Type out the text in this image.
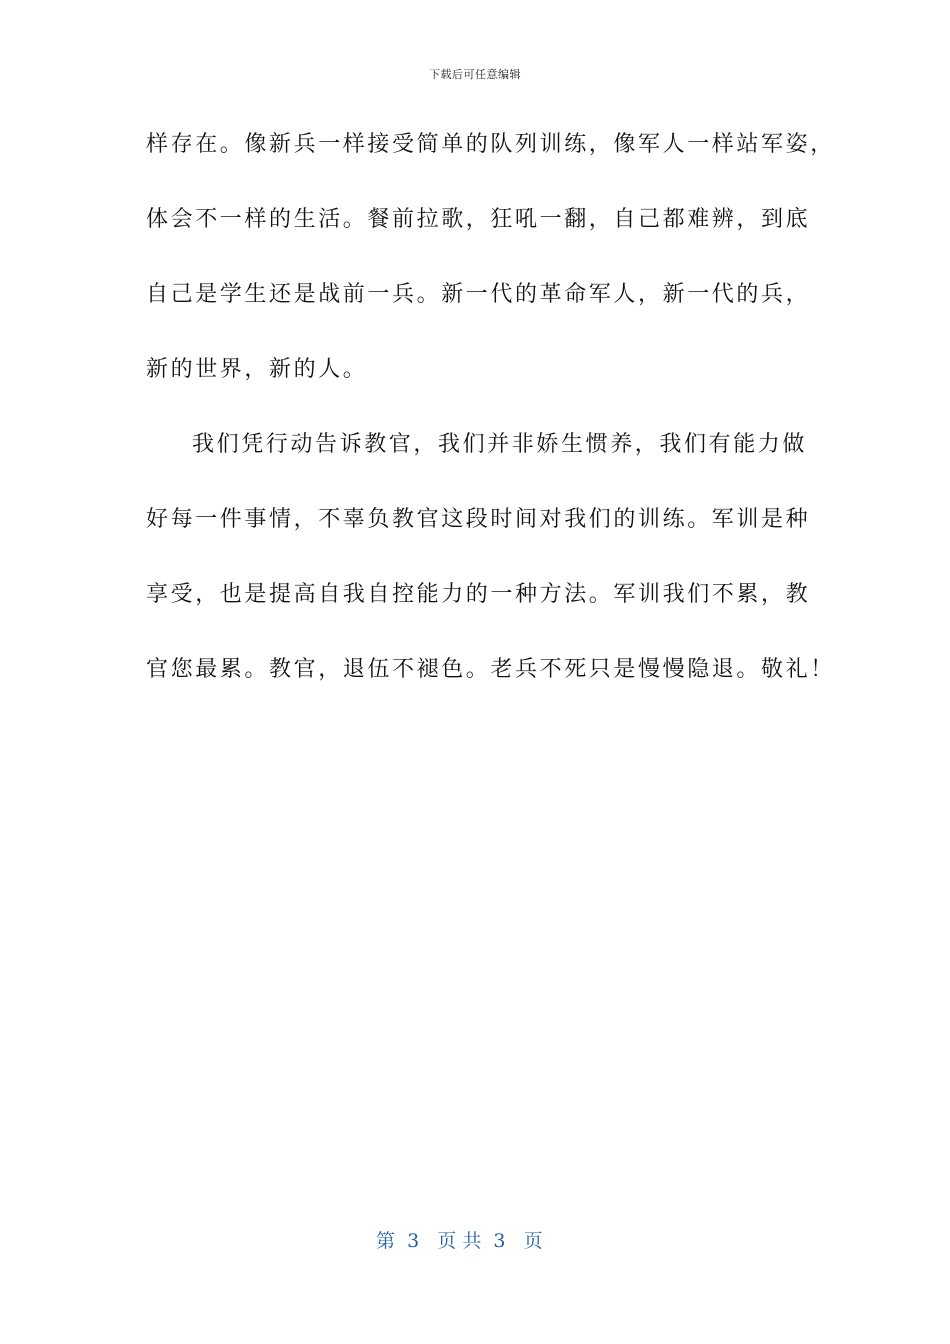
下载后可任意编辑
样存在。像新兵一样接受简单的队列训练，像军人一样站军姿，
体会不一样的生活。餐前拉歌，狂吼一翻，自己都难辨，到底
自己是学生还是战前一兵。新一代的革命军人，新一代的兵，
新的世界，新的人。
我们凭行动告诉教官，我们并非娇生惯养，我们有能力做
好每一件事情，不辜负教官这段时间对我们的训练。军训是种
享受，也是提高自我自控能力的一种方法。军训我们不累，教
官您最累。教官，退伍不褪色。老兵不死只是慢慢隐退。敬礼！
第  3   页 共  3   页
